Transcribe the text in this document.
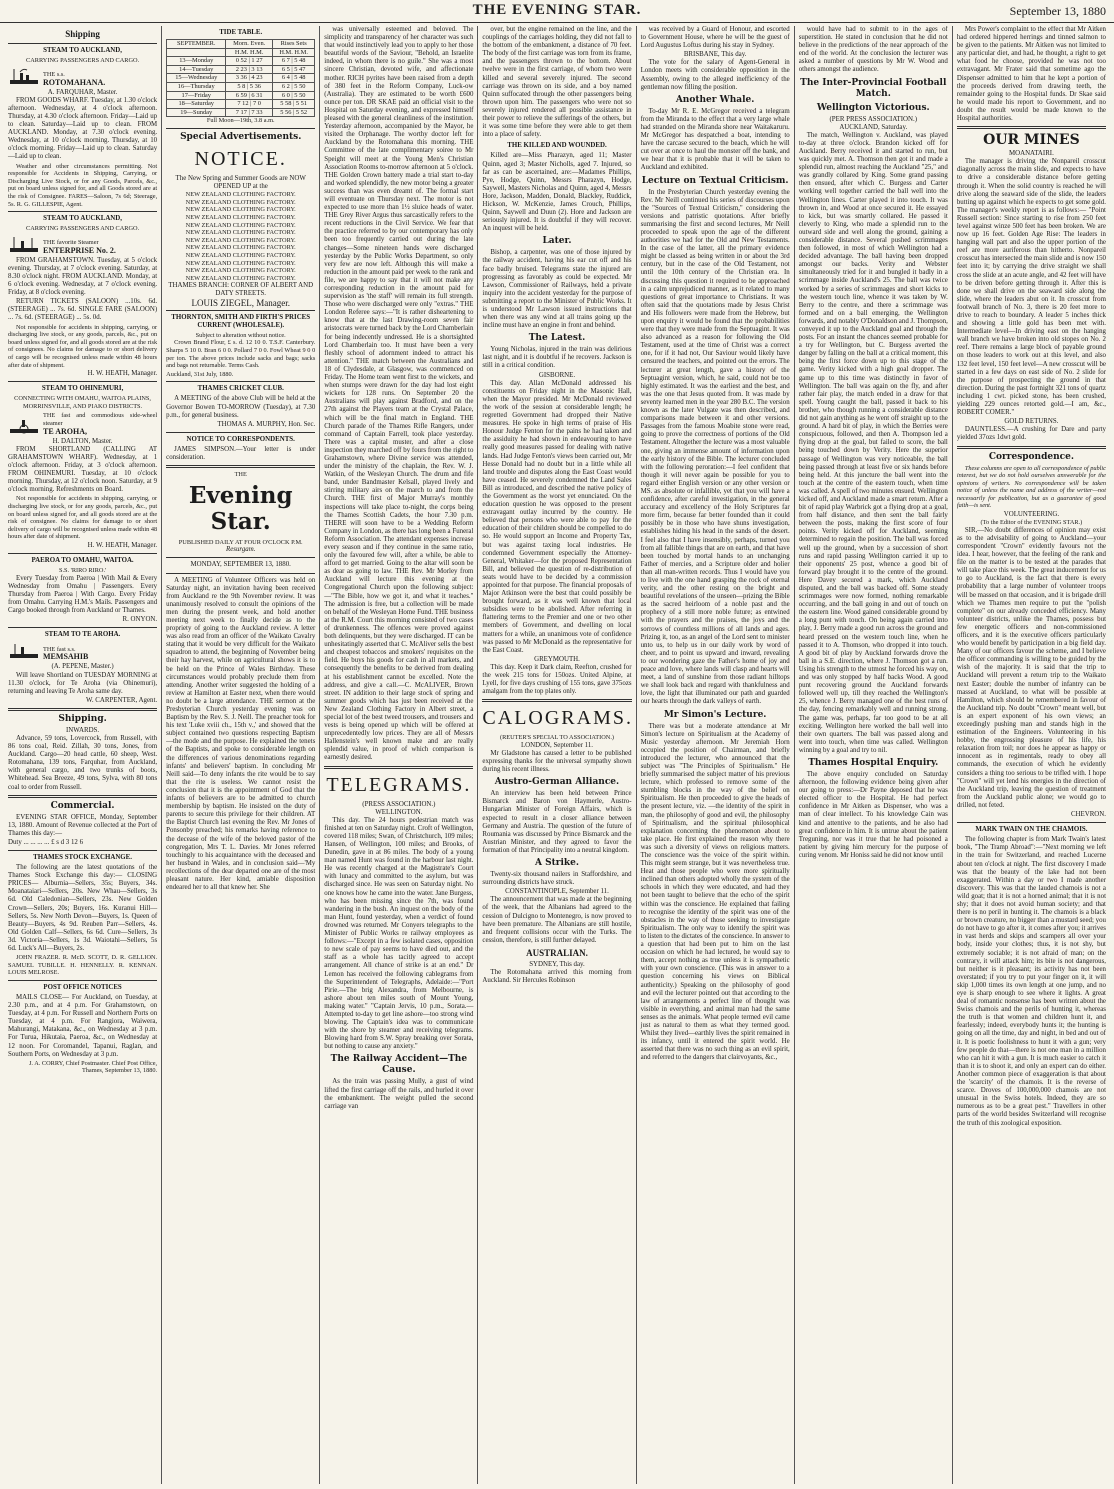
THE EVENING STAR.	September 13, 1880
Shipping
STEAM TO AUCKLAND,
CARRYING PASSENGERS AND CARGO.
THE s.s.
ROTOMAHANA.
A. FARQUHAR, Master.

FROM GOODS WHARF. Tuesday, at 1.30 o'clock afternoon. Wednesday, at 4 o'clock afternoon. Thursday, at 4.30 o'clock afternoon. Friday—Laid up to clean. Saturday—Laid up to clean. FROM AUCKLAND. Monday, at 7.30 o'clock evening. Wednesday, at 10 o'clock morning. Thursday, at 10 o'clock morning. Friday—Laid up to clean. Saturday—Laid up to clean.

Weather and other circumstances permitting. Not responsible for Accidents in Shipping, Carrying, or Discharging Live Stock, or for any Goods, Parcels, &c., put on board unless signed for, and all Goods stored are at the risk of Consignee. FARES—Saloon, 7s 6d; Steerage, 5s. R. G. GILLESPIE, Agent.

STEAM TO AUCKLAND,
CARRYING PASSENGERS AND CARGO.
THE favorite Steamer
ENTERPRISE No. 2.

FROM GRAHAMSTOWN. Tuesday, at 5 o'clock evening. Thursday, at 7 o'clock evening. Saturday, at 8.30 o'clock night. FROM AUCKLAND. Monday, at 6 o'clock evening. Wednesday, at 7 o'clock evening. Friday, at 8 o'clock evening.

RETURN TICKETS (SALOON) ...10s. 6d. (STEERAGE) ... 7s. 6d. SINGLE FARE (SALOON) ... 7s. 6d. (STEERAGE) ... 5s. 0d.

Not responsible for accidents in shipping, carrying, or discharging live stock, or any goods, parcels, &c., put on board unless signed for, and all goods stored are at the risk of consignees. No claims for damage to or short delivery of cargo will be recognised unless made within 48 hours after date of shipment.

H. W. HEATH, Manager.
STEAM TO OHINEMURI,
CONNECTING WITH OMAHU, WAITOA PLAINS, MORRINSVILLE, AND PIAKO DISTRICTS.
THE fast and commodious side-wheel steamer
TE AROHA,
H. DALTON, Master.

FROM SHORTLAND (CALLING AT GRAHAMSTOWN WHARF). Wednesday, at 1 o'clock afternoon. Friday, at 3 o'clock afternoon. FROM OHINEMURI. Tuesday, at 10 o'clock morning. Thursday, at 12 o'clock noon. Saturday, at 9 o'clock morning. Refreshments on Board.

Not responsible for accidents in shipping, carrying, or discharging live stock, or for any goods, parcels, &c., put on board unless signed for, and all goods stored are at the risk of consignee. No claims for damage to or short delivery of cargo will be recognised unless made within 48 hours after date of shipment.

H. W. HEATH, Manager.
PAEROA TO OMAHU, WAITOA.
S.S. 'RIRO RIRO.'

Every Tuesday from Paeroa | With Mail & Every Wednesday from Omahu | Passengers. Every Thursday from Paeroa | With Cargo. Every Friday from Omahu. Carrying H.M.'s Mails. Passengers and Cargo booked through from Auckland or Thames.

R. ONYON.
STEAM TO TE AROHA.
THE fast s.s.
MEMSAHIB
(A. PEPENE, Master.)

Will leave Shortland on TUESDAY MORNING at 11.30 o'clock, for Te Aroha (via Ohinemuri), returning and leaving Te Aroha same day.

W. CARPENTER, Agent.
Shipping.
INWARDS.

Advance, 59 tons, Lovercock, from Russell, with 86 tons coal, Reid. Zillah, 30 tons, Jones, from Auckland. Cargo—20 head cattle, 60 sheep, West. Rotomahana, 139 tons, Farquhar, from Auckland, with general cargo, and two trunks of boots, Whitehead. Sea Breeze, 49 tons, Sylva, with 80 tons coal to order from Russell.

Commercial.

EVENING STAR OFFICE, Monday, September 13, 1880. Amount of Revenue collected at the Port of Thames this day:—

Duty ... ... ... ... £ s d 3 12 6
THAMES STOCK EXCHANGE.

The following are the latest quotations of the Thames Stock Exchange this day:— CLOSING PRICES— Alburnia—Sellers, 35s; Buyers, 34s. Moanataiari—Sellers, 20s. New Whau—Sellers, 3s 6d. Old Caledonian—Sellers, 23s. New Golden Crown—Sellers, 20s; Buyers, 16s. Kuranui Hill—Sellers, 5s. New North Devon—Buyers, 1s. Queen of Beauty—Buyers, 4s 9d. Reuben Parr—Sellers, 4s. Old Golden Calf—Sellers, 6s 6d. Cure—Sellers, 3s 3d. Victoria—Sellers, 1s 3d. Waiotahi—Sellers, 5s 6d. Luck's All—Buyers, 2s.

JOHN FRAZER. R. McD. SCOTT, D. R. GELLION. SAMUEL TUBILLE. H. HENNELLY. R. KENNAN. LOUIS MELROSE.

POST OFFICE NOTICES

MAILS CLOSE— For Auckland, on Tuesday, at 2.30 p.m., and at 4 p.m. For Grahamstown, on Tuesday, at 4 p.m. For Russell and Northern Ports on Tuesday, at 4 p.m. For Rangiora, Waiwera, Mahurangi, Matakana, &c., on Wednesday at 3 p.m. For Turua, Hikutaia, Paeroa, &c., on Wednesday at 12 noon. For Coromandel, Tapanui, Raglan, and Southern Ports, on Wednesday at 3 p.m.

J. A. CORRY, Chief Postmaster. Chief Post Office, Thames, September 13, 1880.
TIDE TABLE.
SEPTEMBER.	Morn. Even.	Rises Sets
	H.M. H.M.	H.M. H.M.
13—Monday	0 52 | 1 27	6 7 | 5 48
14—Tuesday	2 23 | 3 13	6 5 | 5 47
15—Wednesday	3 36 | 4 23	6 4 | 5 48
16—Thursday	5 8 | 5 36	6 2 | 5 50
17—Friday	6 59 | 6 31	6 0 | 5 50
18—Saturday	7 12 | 7 0	5 58 | 5 51
19—Sunday	7 17 | 7 33	5 56 | 5 52
Full Moon—19th, 3.8 a.m.
Special Advertisements.
NOTICE.
The New Spring and Summer Goods are NOW OPENED UP at the
NEW ZEALAND CLOTHING FACTORY.
NEW ZEALAND CLOTHING FACTORY.
NEW ZEALAND CLOTHING FACTORY.
NEW ZEALAND CLOTHING FACTORY.
NEW ZEALAND CLOTHING FACTORY.
NEW ZEALAND CLOTHING FACTORY.
NEW ZEALAND CLOTHING FACTORY.
NEW ZEALAND CLOTHING FACTORY.
NEW ZEALAND CLOTHING FACTORY.
NEW ZEALAND CLOTHING FACTORY.
NEW ZEALAND CLOTHING FACTORY.
NEW ZEALAND CLOTHING FACTORY.
THAMES BRANCH: CORNER OF ALBERT AND DATY STREETS.
LOUIS ZIEGEL, Manager.
THORNTON, SMITH AND FIRTH'S PRICES CURRENT (WHOLESALE).
Subject to alteration without notice.

Crown Brand Flour, £ s. d. 12 10 0. T.S.F. Canterbury. Sharps 5 10 0. Bran 6 0 0. Pollard 7 0 0. Fowl Wheat 9 0 0 per ton. The above prices include sacks and bags; sacks and bags not returnable. Terms Cash.

Auckland, 31st July, 1880.
THAMES CRICKET CLUB.

A MEETING of the above Club will be held at the Governor Bowen TO-MORROW (Tuesday), at 7.30 p.m., for general business.

THOMAS A. MURPHY, Hon. Sec.
NOTICE TO CORRESPONDENTS.

JAMES SIMPSON.—Your letter is under consideration.

THE
Evening Star.
PUBLISHED DAILY AT FOUR O'CLOCK P.M.
Resurgam.
MONDAY, SEPTEMBER 13, 1880.

A MEETING of Volunteer Officers was held on Saturday night, an invitation having been received from Auckland re the 9th November review. It was unanimously resolved to consult the opinions of the men during the present week, and hold another meeting next week to finally decide as to the propriety of going to the Auckland review. A letter was also read from an officer of the Waikato Cavalry stating that it would be very difficult for the Waikato squadron to attend, the beginning of November being their hay harvest, while on agricultural shows it is to be held on the Prince of Wales Birthday. These circumstances would probably preclude them from attending. Another writer suggested the holding of a review at Hamilton at Easter next, when there would no doubt be a large attendance. THE sermon at the Presbyterian Church yesterday evening was on Baptism by the Rev. S. J. Neill. The preacher took for his text 'Luke xviii ch., 15th v.,' and showed that the subject contained two questions respecting Baptism—the mode and the purpose. He explained the tenets of the Baptists, and spoke to considerable length on the differences of various denominations regarding infants' and believers' baptism. In concluding Mr Neill said—To deny infants the rite would be to say that the rite is useless. We cannot resist the conclusion that it is the appointment of God that the infants of believers are to be admitted to church membership by baptism. He insisted on the duty of parents to secure this privilege for their children. AT the Baptist Church last evening the Rev. Mr Jones of Ponsonby preached; his remarks having reference to the decease of the wife of the beloved pastor of the congregation, Mrs T. L. Davies. Mr Jones referred touchingly to his acquaintance with the deceased and her husband in Wales, and in conclusion said—'My recollections of the dear departed one are of the most pleasant nature. Her kind, amiable disposition endeared her to all that knew her. She

was universally esteemed and beloved. The simplicity and transparency of her character was such that would instinctively lead you to apply to her those beautiful words of the Saviour, "Behold, an Israelite indeed, in whom there is no guile." She was a most sincere Christian, devoted wife, and affectionate mother. RICH pyrites have been raised from a depth of 380 feet in the Reform Company, Luck-ow (Australia). They are estimated to be worth £600 ounce per ton. DR SKAE paid an official visit to the Hospital on Saturday evening, and expressed himself pleased with the general cleanliness of the institution. Yesterday afternoon, accompanied by the Mayor, he visited the Orphanage. The worthy doctor left for Auckland by the Rotomahana this morning. THE Committee of the late complimentary soiree to Mr Speight will meet at the Young Men's Christian Association Rooms to-morrow afternoon at 5 o'clock. THE Golden Crown battery made a trial start to-day and worked splendidly, the new motor being a greater success than was even dreamt of. The formal start will eventuate on Thursday next. The motor is not expected to use more than 1½ sluice heads of water. THE Grey River Argus thus sarcastically refers to the recent reductions in the Civil Service. We fear that the practice referred to by our contemporary has only been too frequently carried out during the late changes—Some nineteen hands were discharged yesterday by the Public Works Department, so only very few are now left. Although this will make a reduction in the amount paid per week to the rank and file, we are happy to say that it will not make any corresponding reduction in the amount paid for supervision as 'the staff' will remain its full strength. Those who were discharged were only "extras." THE London Referee says:—"It is rather disheartening to know that at the last Drawing-room seven fair aristocrats were turned back by the Lord Chamberlain for being indecently undressed. He is a shortsighted Lord Chamberlain too. It must have been a very fleshly school of adornment indeed to attract his attention." THE match between the Australians and 18 of Clydesdale, at Glasgow, was commenced on Friday. The Home team went first to the wickets, and when stumps were drawn for the day had lost eight wickets for 128 runs. On September 20 the Australians will play against Bradford, and on the 27th against the Players team at the Crystal Palace, which will be the final match in England. THE Church parade of the Thames Rifle Rangers, under command of Captain Farrell, took place yesterday. There was a capital muster, and after a close inspection they marched off by fours from the right to Grahamstown, where Divine service was attended, under the ministry of the chaplain, the Rev. W. J. Watkin, of the Wesleyan Church. The drum and fife band, under Bandmaster Kelsall, played lively and stirring military airs on the march to and from the Church. THE first of Major Murray's monthly inspections will take place to-night, the corps being the Thames Scottish Cadets, the hour 7.30 p.m. THERE will soon have to be a Wedding Reform Company in London, as there has long been a Funeral Reform Association. The attendant expenses increase every season and if they continue in the same ratio, only the favoured few will, after a while, be able to afford to get married. Going to the altar will soon be as dear as going to law. THE Rev. Mr Morley from Auckland will lecture this evening at the Congregational Church upon the following subject:—"The Bible, how we got it, and what it teaches." The admission is free, but a collection will be made on behalf of the Wesleyan Home Fund. THE business at the R.M. Court this morning consisted of two cases of drunkenness. The offences were proved against both delinquents, but they were discharged. IT can be unhesitatingly asserted that C. McAliver sells the best and cheapest tobaccos and smokers' requisites on the field. He buys his goods for cash in all markets, and consequently the benefits to be derived from dealing at his establishment cannot be excelled. Note the address, and give a call.—C. McALIVER, Brown street. IN addition to their large stock of spring and summer goods which has just been received at the New Zealand Clothing Factory in Albert street, a special lot of the best tweed trousers, and trousers and vests is being opened up which will be offered at unprecedentedly low prices. They are all of Messrs Hallenstein's well known make and are really splendid value, in proof of which comparison is earnestly desired.

TELEGRAMS.
(PRESS ASSOCIATION.)
WELLINGTON.

This day. The 24 hours pedestrian match was finished at ten on Saturday night. Croft of Wellington, covered 118 miles; Swan, of Christchurch, 109 miles; Hansen, of Wellington, 100 miles; and Brooks, of Dunedin, gave in at 86 miles. The body of a young man named Hunt was found in the harbour last night. He was recently charged at the Magistrate's Court with lunacy and committed to the asylum, but was discharged since. He was seen on Saturday night. No one knows how he came into the water. Jane Burgess, who has been missing since the 7th, was found wandering in the bush. An inquest on the body of the man Hunt, found yesterday, when a verdict of found drowned was returned. Mr Conyers telegraphs to the Minister of Public Works re railway employees as follows:—"Except in a few isolated cases, opposition to new scale of pay seems to have died out, and the staff as a whole has tacitly agreed to accept arrangement. All chance of strike is at an end." Dr Lemon has received the following cablegrams from the Superintendent of Telegraphs, Adelaide:—"Port Pirie.—The brig Alexandra, from Melbourne, is ashore about ten miles south of Mount Young, making water." "Captain Jervis, 10 p.m., Sorata.—Attempted to-day to get line ashore—too strong wind blowing. The Captain's idea was to communicate with the shore by steamer and receiving telegrams. Blowing hard from S.W. Spray breaking over Sorata, but nothing to cause any anxiety."

The Railway Accident—The Cause.

As the train was passing Mully, a gust of wind lifted the first carriage off the rails, and hurled it over the embankment. The weight pulled the second carriage van

over, but the engine remained on the line, and the couplings of the carriages holding, they did not fall to the bottom of the embankment, a distance of 70 feet. The body of the first carriage was torn from its frame, and the passengers thrown to the bottom. About twelve were in the first carriage, of whom two were killed and several severely injured. The second carriage was thrown on its side, and a boy named Quinn suffocated through the other passengers being thrown upon him. The passengers who were not so severely injured rendered all possible assistance in their power to relieve the sufferings of the others, but it was some time before they were able to get them into a place of safety.

THE KILLED AND WOUNDED.

Killed are—Miss Pharazyn, aged 11; Master Quinn, aged 3; Master Nicholls, aged 7. Injured, so far as can be ascertained, are:—Madames Phillips, Pye, Hodge, Quinn, Messrs Pharazyn, Hodge, Saywell, Masters Nicholas and Quinn, aged 4, Messrs Hore, Jackson, Madden, Donald, Blackley, Ruddick, Hickson, W. McKenzie, James Crouch, Phillips, Quinn, Saywell and Duun (2). Hore and Jackson are seriously injured. It is doubtful if they will recover. An inquest will be held.

Later.

Bishop, a carpenter, was one of those injured by the railway accident, having his ear cut off and his face badly bruised. Telegrams state the injured are progressing as favorably as could be expected. Mr Lawson, Commissioner of Railways, held a private inquiry into the accident yesterday for the purpose of submitting a report to the Minister of Public Works. It is understood Mr Lawson issued instructions that when there was any wind at all trains going up the incline must have an engine in front and behind.

The Latest.

Young Nicholas, injured in the train was delirious last night, and it is doubtful if he recovers. Jackson is still in a critical condition.

GISBORNE.

This day. Allan McDonald addressed his constituents on Friday night in the Masonic Hall, when the Mayor presided. Mr McDonald reviewed the work of the session at considerable length; he regretted Government had dropped their Native measures. He spoke in high terms of praise of His Honour Judge Fenton for the pains he had taken and the assiduity he had shown in endeavouring to have really good measures passed for dealing with native lands. Had Judge Fenton's views been carried out, Mr Hesse Donald had no doubt but in a little while all land trouble and disputes along the East Coast would have ceased. He severely condemned the Land Sales Bill as introduced, and described the native policy of the Government as the worst yet enunciated. On the education question he was opposed to the present extravagant outlay incurred by the country. He believed that persons who were able to pay for the education of their children should be compelled to do so. He would support an Income and Property Tax, but was against taxing local industries. He condemned Government especially the Attorney-General, Whitaker—for the proposed Representation Bill, and believed the question of re-distribution of seats would have to be decided by a commission appointed for that purpose. The financial proposals of Major Atkinson were the best that could possibly be brought forward, as it was well known that local subsidies were to be abolished. After referring in flattering terms to the Premier and one or two other members of Government, and dwelling on local matters for a while, an unanimous vote of confidence was passed to Mr McDonald as the representative for the East Coast.

GREYMOUTH.

This day. Keep it Dark claim, Reefton, crushed for the week 215 tons for 150ozs. United Alpine, at Lyell, for five days crushing of 155 tons, gave 375ozs amalgam from the top plates only.

CALOGRAMS.
(REUTER'S SPECIAL TO ASSOCIATION.)
LONDON, September 11.

Mr Gladstone has caused a letter to be published expressing thanks for the universal sympathy shown during his recent illness.

Austro-German Alliance.

An interview has been held between Prince Bismarck and Baron von Haymerle, Austro-Hungarian Minister of Foreign Affairs, which is expected to result in a closer alliance between Germany and Austria. The question of the future of Roumania was discussed by Prince Bismarck and the Austrian Minister, and they agreed to favor the formation of that Principality into a neutral kingdom.

A Strike.

Twenty-six thousand nailers in Staffordshire, and surrounding districts have struck.

CONSTANTINOPLE, September 11.

The announcement that was made at the beginning of the week, that the Albanians had agreed to the cession of Dulcigno to Montenegro, is now proved to have been premature. The Albanians are still hostile, and frequent collisions occur with the Turks. The cession, therefore, is still further delayed.

AUSTRALIAN.
SYDNEY, This day.

The Rotomahana arrived this morning from Auckland. Sir Hercules Robinson

was received by a Guard of Honour, and escorted to Government House, where he will be the guest of Lord Augustus Loftus during his stay in Sydney.

BRISBANE, This day.

The vote for the salary of Agent-General in London meets with considerable opposition in the Assembly, owing to the alleged inefficiency of the gentleman now filling the position.

Another Whale.

To-day Mr R. E. McGregor received a telegram from the Miranda to the effect that a very large whale had stranded on the Miranda shore near Waitakaruru. Mr McGregor has despatched a boat, intending to have the carcase secured to the beach, which he will cut over at once to haul the monster off the bank, and we hear that it is probable that it will be taken to Auckland and exhibited.

Lecture on Textual Criticism.

In the Presbyterian Church yesterday evening the Rev. Mr Neill continued his series of discourses upon the "Sources of Textual Criticism," considering the versions and patristic quotations. After briefly summarising the first and second lectures, Mr Neill proceeded to speak upon the age of the different authorities we had for the Old and New Testaments. In the case of the latter, all the primary evidence might be classed as being written in or about the 3rd century, but in the case of the Old Testament, not until the 10th century of the Christian era. In discussing this question it required to be approached in a calm unprejudiced manner, as it related to many questions of great importance to Christians. It was often said that the quotations made by Jesus Christ and His followers were made from the Hebrew, but upon enquiry it would be found that the probabilities were that they were made from the Septuagint. It was also advanced as a reason for following the Old Testament, used at the time of Christ was a correct one, for if it had not, Our Saviour would likely have censured the teachers, and pointed out the errors. The lecturer at great length, gave a history of the Septuagint version, which, he said, could not be too highly estimated. It was the earliest and the best, and was the one that Jesus quoted from. It was made by seventy learned men in the year 280 B.C. The version known as the later Vulgate was then described, and comparisons made between it and other versions. Passages from the famous Moabite stone were read, going to prove the correctness of portions of the Old Testament. Altogether the lecture was a most valuable one, giving an immense amount of information upon the early history of the Bible. The lecturer concluded with the following peroration:—I feel confident that though it will never again be possible for you to regard either English version or any other version or MS. as absolute or infallible, yet that you will have a confidence, after careful investigation, in the general accuracy and excellency of the Holy Scriptures far more firm, because far better founded than it could possibly be in those who have shuns investigation, establishes hiding his head in the sands of the desert. I feel also that I have insensibly, perhaps, turned you from all fallible things that are on earth, and that have been touched by mortal hands to an unchanging Father of mercies, and a Scripture older and holier than all man-written records. Thus I would have you to live with the one hand grasping the rock of eternal verity, and the other resting on the bright and beautiful revelations of the unseen—prizing the Bible as the sacred heirloom of a noble past and the prophecy of a still more noble future; as entwined with the prayers and the praises, the joys and the sorrows of countless millions of all lands and ages. Prizing it, too, as an angel of the Lord sent to minister unto us, to help us in our daily work by word of cheer, and to point us upward and inward, revealing to our wondering gaze the Father's home of joy and peace and love, where lands will clasp and hearts will meet, a land of sunshine from those radiant hilltops we shall look back and regard with thankfulness and love, the light that illuminated our path and guarded our hearts through the dark valleys of earth.

Mr Simon's Lecture.

There was but a moderate attendance at Mr Simon's lecture on Spiritualism at the Academy of Music yesterday afternoon. Mr Jeremiah Horn occupied the position of Chairman, and briefly introduced the lecturer, who announced that the subject was "The Principles of Spiritualism." He briefly summarised the subject matter of his previous lecture, which professed to remove some of the stumbling blocks in the way of the belief on Spiritualism. He then proceeded to give the heads of the present lecture, viz. —the identity of the spirit in man, the philosophy of good and evil, the philosophy of Spiritualism, and the spiritual philosophical explanation concerning the phenomenon about to take place. He first explained the reason why there was such a diversity of views on religious matters. The conscience was the voice of the spirit within. This might seem strange, but it was nevertheless true. Heat and those people who were more spiritually inclined than others adopted wholly the system of the schools in which they were educated, and had they not been taught to believe that the echo of the spirit within was the conscience. He explained that failing to recognise the identity of the spirit was one of the obstacles in the way of those seeking to investigate Spiritualism. The only way to identify the spirit was to listen to the dictates of the conscience. In answer to a question that had been put to him on the last occasion on which he had lectured, he would say to them, accept nothing as true unless it is sympathetic with your own conscience. (This was in answer to a question concerning his views on Biblical authenticity.) Speaking on the philosophy of good and evil the lecturer pointed out that according to the law of arrangements a perfect line of thought was visible in everything, and animal man had the same senses as the animals. What people termed evil came just as natural to them as what they termed good. Whilst they lived—earthly lives the spirit remained in its infancy, until it entered the spirit world. He asserted that there was no such thing as an evil spirit, and referred to the dangers that clairvoyants, &c.,

would have had to submit to in the ages of superstition. He stated in conclusion that he did not believe in the predictions of the near approach of the end of the world. At the conclusion the lecturer was asked a number of questions by Mr W. Wood and others amongst the audience.

The Inter-Provincial Football Match.
Wellington Victorious.
(PER PRESS ASSOCIATION.)
AUCKLAND, Saturday.

The match, Wellington v. Auckland, was played to-day at three o'clock. Brandon kicked off for Auckland. Berry received it and started to run, but was quickly met. A. Thomson then got it and made a splendid run, almost reaching the Auckland "25," and was grandly collared by King. Some grand passing then ensued, after which C. Burgess and Carter working well together carried the ball well into the Wellington lines. Carter played it into touch. It was thrown in, and Wood at once secured it. He essayed to kick, but was smartly collared. He passed it cleverly to King, who made a splendid run to the outward side and well along the ground, gaining a considerable distance. Several pushed scrimmages then followed, in most of which Wellington had a decided advantage. The ball having been dropped amongst our backs. Verity and Webster simultaneously tried for it and bungled it badly in a scrimmage inside Auckland's 25. The ball was twice worked by a series of scrimmages and short kicks to the western touch line, whence it was taken by W. Berry to the centre, and there a scrimmage was formed and on a ball emerging, the Wellington forwards, and notably O'Donaldson and J. Thompson, conveyed it up to the Auckland goal and through the posts. For an instant the chances seemed probable for a try for Wellington, but C. Burgess averted the danger by falling on the ball at a critical moment, this being the first force down up to this stage of the game. Verity kicked with a high goal dropper. The game up to this time was distinctly in favor of Wellington. The ball was again on the fly, and after rather fair play, the match ended in a draw for that spell. Young caught the ball, passed it back to his brother, who though running a considerable distance did not gain anything as he went off straight up to the ground. A hard bit of play, in which the Berries were conspicuous, followed, and then A. Thompson led a flying drop at the goal, but failed to score, the ball being touched down by Verity. Here the superior passage of Wellington was very noticeable, the ball being passed through at least five or six hands before being held. At this juncture the ball went into the touch at the centre of the eastern touch, when time was called. A spell of two minutes ensued. Wellington kicked off, and Auckland made a smart return. After a bit of rapid play Warbrick got a flying drop at a goal, from half distance, and then sent the ball fairly between the posts, making the first score of four points. Verity kicked off for Auckland, seeming determined to regain the position. The ball was forced well up the ground, when by a succession of short runs and rapid passing Wellington carried it up to their opponents' 25 post, whence a good bit of forward play brought it to the centre of the ground. Here Davey secured a mark, which Auckland disputed, and the ball was backed off. Some steady scrimmages were now formed, nothing remarkable occurring, and the ball going in and out of touch on the eastern line. Wood gained considerable ground by a long punt with touch. On being again carried into play, J. Berry made a good run across the ground and heard pressed on the western touch line, when he passed it to A. Thomson, who dropped it into touch. A good bit of play by Auckland forwards drove the ball in a S.E. direction, where J. Thomson got a run. Using his strength to the utmost he forced his way on, and was only stopped by half backs Wood. A good punt recovering ground the Auckland forwards followed well up, till they reached the Wellington's 25, whence J. Berry managed one of the best runs of the day, fencing remarkably well and running strong. The game was, perhaps, far too good to be at all exciting. Wellington here worked the ball well into their own quarters. The ball was passed along and went into touch, when time was called. Wellington winning by a goal and try to nil.

Thames Hospital Enquiry.

The above enquiry concluded on Saturday afternoon, the following evidence being given after our going to press:—Dr Payne deposed that he was elected officer to the Hospital. He had perfect confidence in Mr Aitken as Dispenser, who was a man of clear intellect. To his knowledge Cain was kind and attentive to the patients, and he also had great confidence in him. It is untrue about the patient Treguning, nor was it true that he had poisoned a patient by giving him mercury for the purpose of curing venom. Mr Honiss said he did not know until

Mrs Power's complaint to the effect that Mr Aitken had ordered hippered herrings and tinned salmon to be given to the patients. Mr Aitken was not limited to any particular diet, and had, he thought, a right to get what food he choose, provided he was not too extravagant. Mr Frater said that sometime ago the Dispenser admitted to him that he kept a portion of the proceeds derived from drawing teeth, the remainder going to the Hospital funds. Dr Skae said he would made his report to Government, and no doubt the result would be made known to the Hospital authorities.

OUR MINES
MOANATAIRI.

The manager is driving the Nonpareil crosscut diagonally across the main slide, and expects to have to drive a considerable distance before getting through it. When the solid country is reached he will drive along the seaward side of the slide, the leaders butting up against which he expects to get some gold. The manager's weekly report is as follows:— "Point Russell section: Since starting to rise from 250 feet level against winze 500 feet has been broken. We are now up 16 feet. Golden Age Rise: The leaders in hanging wall part and also the upper portion of the reef are more auriferous than hitherto. Nonpareil crosscut has intersected the main slide and is now 150 feet into it; by carrying the drive straight we shall cross the slide at an acute angle, and 42 feet will have to be driven before getting through it. After this is done we shall drive on the seaward side along the slide, where the leaders abut on it. In crosscut from footwall branch of No. 3, there is 20 feet more to drive to reach to boundary. A leader 5 inches thick and showing a little gold has been met with. Intermediate level—In driving east on the hanging wall branch we have broken into old stopes on No. 2 reef. There remains a large block of payable ground on those leaders to work out at this level, and also 132 feet level, 150 feet level—A new crosscut will be started in a few days on east side of No. 2 slide for the purpose of prospecting the ground in that direction. During the past fortnight 321 tons of quartz including 1 cwt. picked stone, has been crushed, yielding 229 ounces retorted gold.—I am, &c., ROBERT COMER."

GOLD RETURNS.

DAUNTLESS.—A crushing for Dare and party yielded 37ozs 1dwt gold.

Correspondence.

These columns are open to all correspondence of public interest, but we do not hold ourselves answerable for the opinions of writers. No correspondence will be taken notice of unless the name and address of the writer—not necessarily for publication, but as a guarantee of good faith—is sent.

VOLUNTEERING.
(To the Editor of the EVENING STAR.)

SIR,—No doubt differences of opinion may exist as to the advisability of going to Auckland—your correspondent "Crown" evidently favours not the idea. I hear, however, that the feeling of the rank and file on the matter is to be tested at the parades that will take place this week. The great inducement for us to go to Auckland, is the fact that there is every probability that a large number of volunteer troops will be massed on that occasion, and it is brigade drill which we Thames men require to put the "polish complete" on our already conceded efficiency. Many volunteer districts, unlike the Thames, possess but few energetic officers and non-commissioned officers, and it is the executive officers particularly who would benefit by participation in a big field day. Many of our officers favour the scheme, and I believe the officer commanding is willing to be guided by the wish of the majority. It is said that the trip to Auckland will prevent a return trip to the Waikato next Easter; double the number of infantry can be massed at Auckland, to what will be possible at Hamilton, which should be remembered in favour of the Auckland trip. No doubt "Crown" meant well, but is an expert exponent of his own views; an exceedingly pushing man and stands high in the estimation of the Engineers. Volunteering in his hobby, the engrossing pleasure of his life, his relaxation from toil; nor does he appear as happy or innocent as in regimentals, ready to obey all commands, the execution of which he evidently considers a thing too serious to be trifled with. I hope "Crown" will yet lend his energies in the direction of the Auckland trip, leaving the question of treatment from the Auckland public alone; we would go to drilled, not feted.

CHEVRON.
MARK TWAIN ON THE CHAMOIS.

The following chapter is from Mark Twain's latest book, "The Tramp Abroad":—"Next morning we left in the train for Switzerland, and reached Lucerne about ten o'clock at night. The first discovery I made was that the beauty of the lake had not been exaggerated. Within a day or two I made another discovery. This was that the lauded chamois is not a wild goat; that it is not a horned animal; that it is not shy; that it does not avoid human society; and that there is no peril in hunting it. The chamois is a black or brown creature, no bigger than a mustard seed; you do not have to go after it, it comes after you; it arrives in vast herds and skips and scampers all over your body, inside your clothes; thus, it is not shy, but extremely sociable; it is not afraid of man; on the contrary, it will attack him; its bite is not dangerous, but neither is it pleasant; its activity has not been overstated; if you try to put your finger on it, it will skip 1,000 times its own length at one jump, and no eye is sharp enough to see where it lights. A great deal of romantic nonsense has been written about the Swiss chamois and the perils of hunting it, whereas the truth is that women and children hunt it, and fearlessly; indeed, everybody hunts it; the hunting is going on all the time, day and night, in bed and out of it. It is poetic foolishness to hunt it with a gun; very few people do that—there is not one man in a million who can hit it with a gun. It is much easier to catch it than it is to shoot it, and only an expert can do either. Another common piece of exaggeration is that about the 'scarcity' of the chamois. It is the reverse of scarce. Droves of 100,000,000 chamois are not unusual in the Swiss hotels. Indeed, they are so numerous as to be a great pest." Travellers in other parts of the world besides Switzerland will recognise the truth of this zoological exposition.
